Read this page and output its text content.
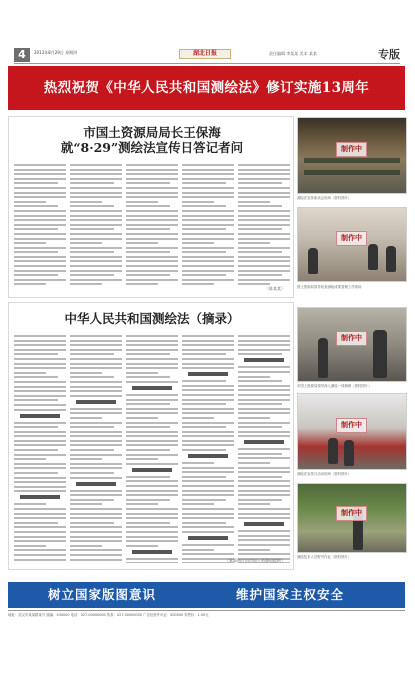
4	2013年8月29日 星期四	湖北日报	责任编辑 李某某 美术 某某	专版
热烈祝贺《中华人民共和国测绘法》修订实施13周年
市国土资源局局长王保海
就“8·29”测绘法宣传日答记者问
（陈某某）
中华人民共和国测绘法（摘录）
（本版图片由市国土资源局提供）
制作中
测绘法宣传座谈会现场（资料图片）
制作中
国土资源局领导检查测绘成果管理工作现场
制作中
市国土资源局领导深入测绘一线调研（资料图片）
制作中
测绘法宣传日活动现场（资料图片）
制作中
测绘技术人员野外作业（资料图片）
树立国家版图意识	维护国家主权安全
地址：武汉市某某路某号 邮编：430000 电话：027-00000000 传真：027-00000000 广告经营许可证：000000 零售价：1.00元
